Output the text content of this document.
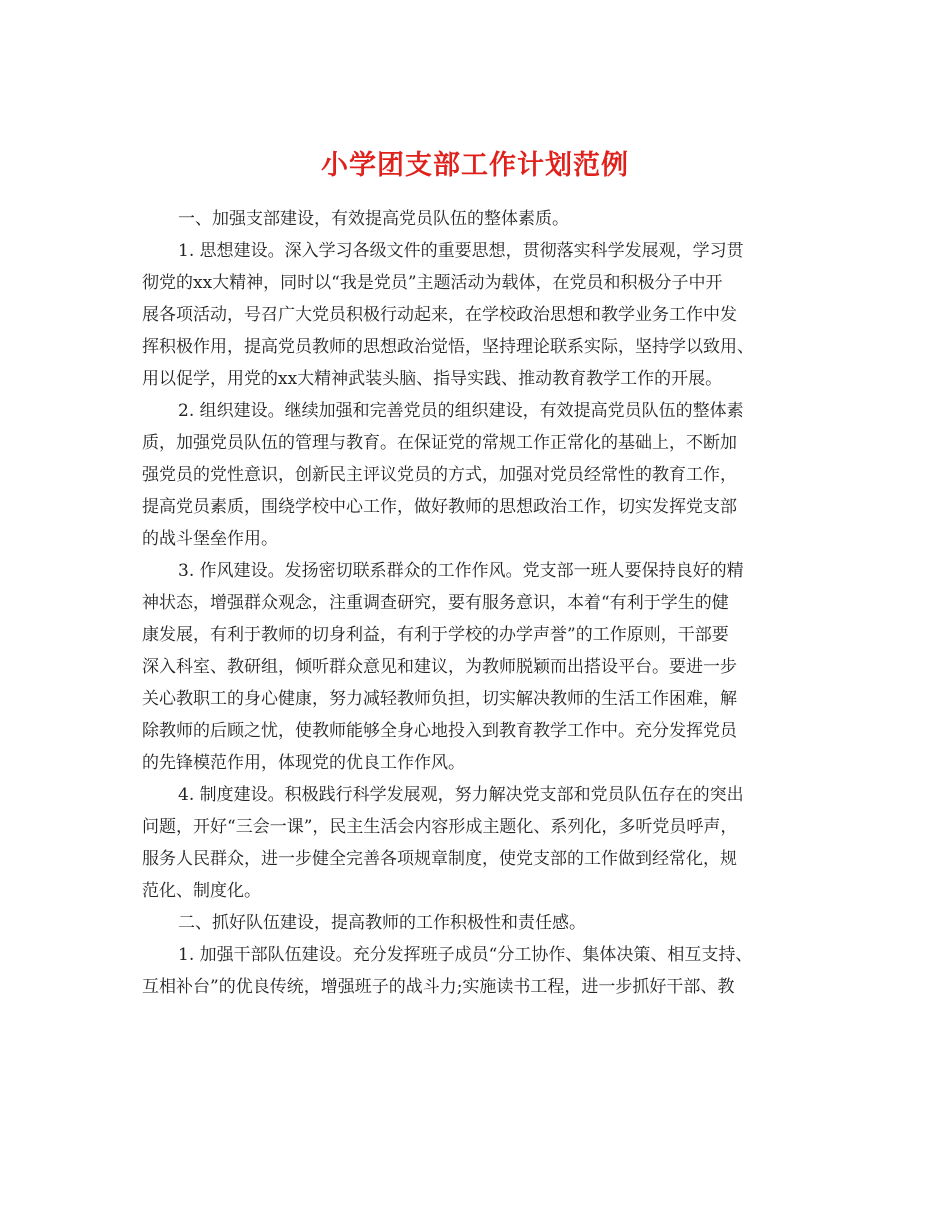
小学团支部工作计划范例
一、加强支部建设，有效提高党员队伍的整体素质。
1. 思想建设。深入学习各级文件的重要思想，贯彻落实科学发展观，学习贯
彻党的xx大精神，同时以“我是党员”主题活动为载体，在党员和积极分子中开
展各项活动，号召广大党员积极行动起来，在学校政治思想和教学业务工作中发
挥积极作用，提高党员教师的思想政治觉悟，坚持理论联系实际，坚持学以致用、
用以促学，用党的xx大精神武装头脑、指导实践、推动教育教学工作的开展。
2. 组织建设。继续加强和完善党员的组织建设，有效提高党员队伍的整体素
质，加强党员队伍的管理与教育。在保证党的常规工作正常化的基础上，不断加
强党员的党性意识，创新民主评议党员的方式，加强对党员经常性的教育工作，
提高党员素质，围绕学校中心工作，做好教师的思想政治工作，切实发挥党支部
的战斗堡垒作用。
3. 作风建设。发扬密切联系群众的工作作风。党支部一班人要保持良好的精
神状态，增强群众观念，注重调查研究，要有服务意识，本着“有利于学生的健
康发展，有利于教师的切身利益，有利于学校的办学声誉”的工作原则，干部要
深入科室、教研组，倾听群众意见和建议，为教师脱颖而出搭设平台。要进一步
关心教职工的身心健康，努力减轻教师负担，切实解决教师的生活工作困难，解
除教师的后顾之忧，使教师能够全身心地投入到教育教学工作中。充分发挥党员
的先锋模范作用，体现党的优良工作作风。
4. 制度建设。积极践行科学发展观，努力解决党支部和党员队伍存在的突出
问题，开好“三会一课”，民主生活会内容形成主题化、系列化，多听党员呼声，
服务人民群众，进一步健全完善各项规章制度，使党支部的工作做到经常化，规
范化、制度化。
二、抓好队伍建设，提高教师的工作积极性和责任感。
1. 加强干部队伍建设。充分发挥班子成员“分工协作、集体决策、相互支持、
互相补台”的优良传统，增强班子的战斗力;实施读书工程，进一步抓好干部、教
